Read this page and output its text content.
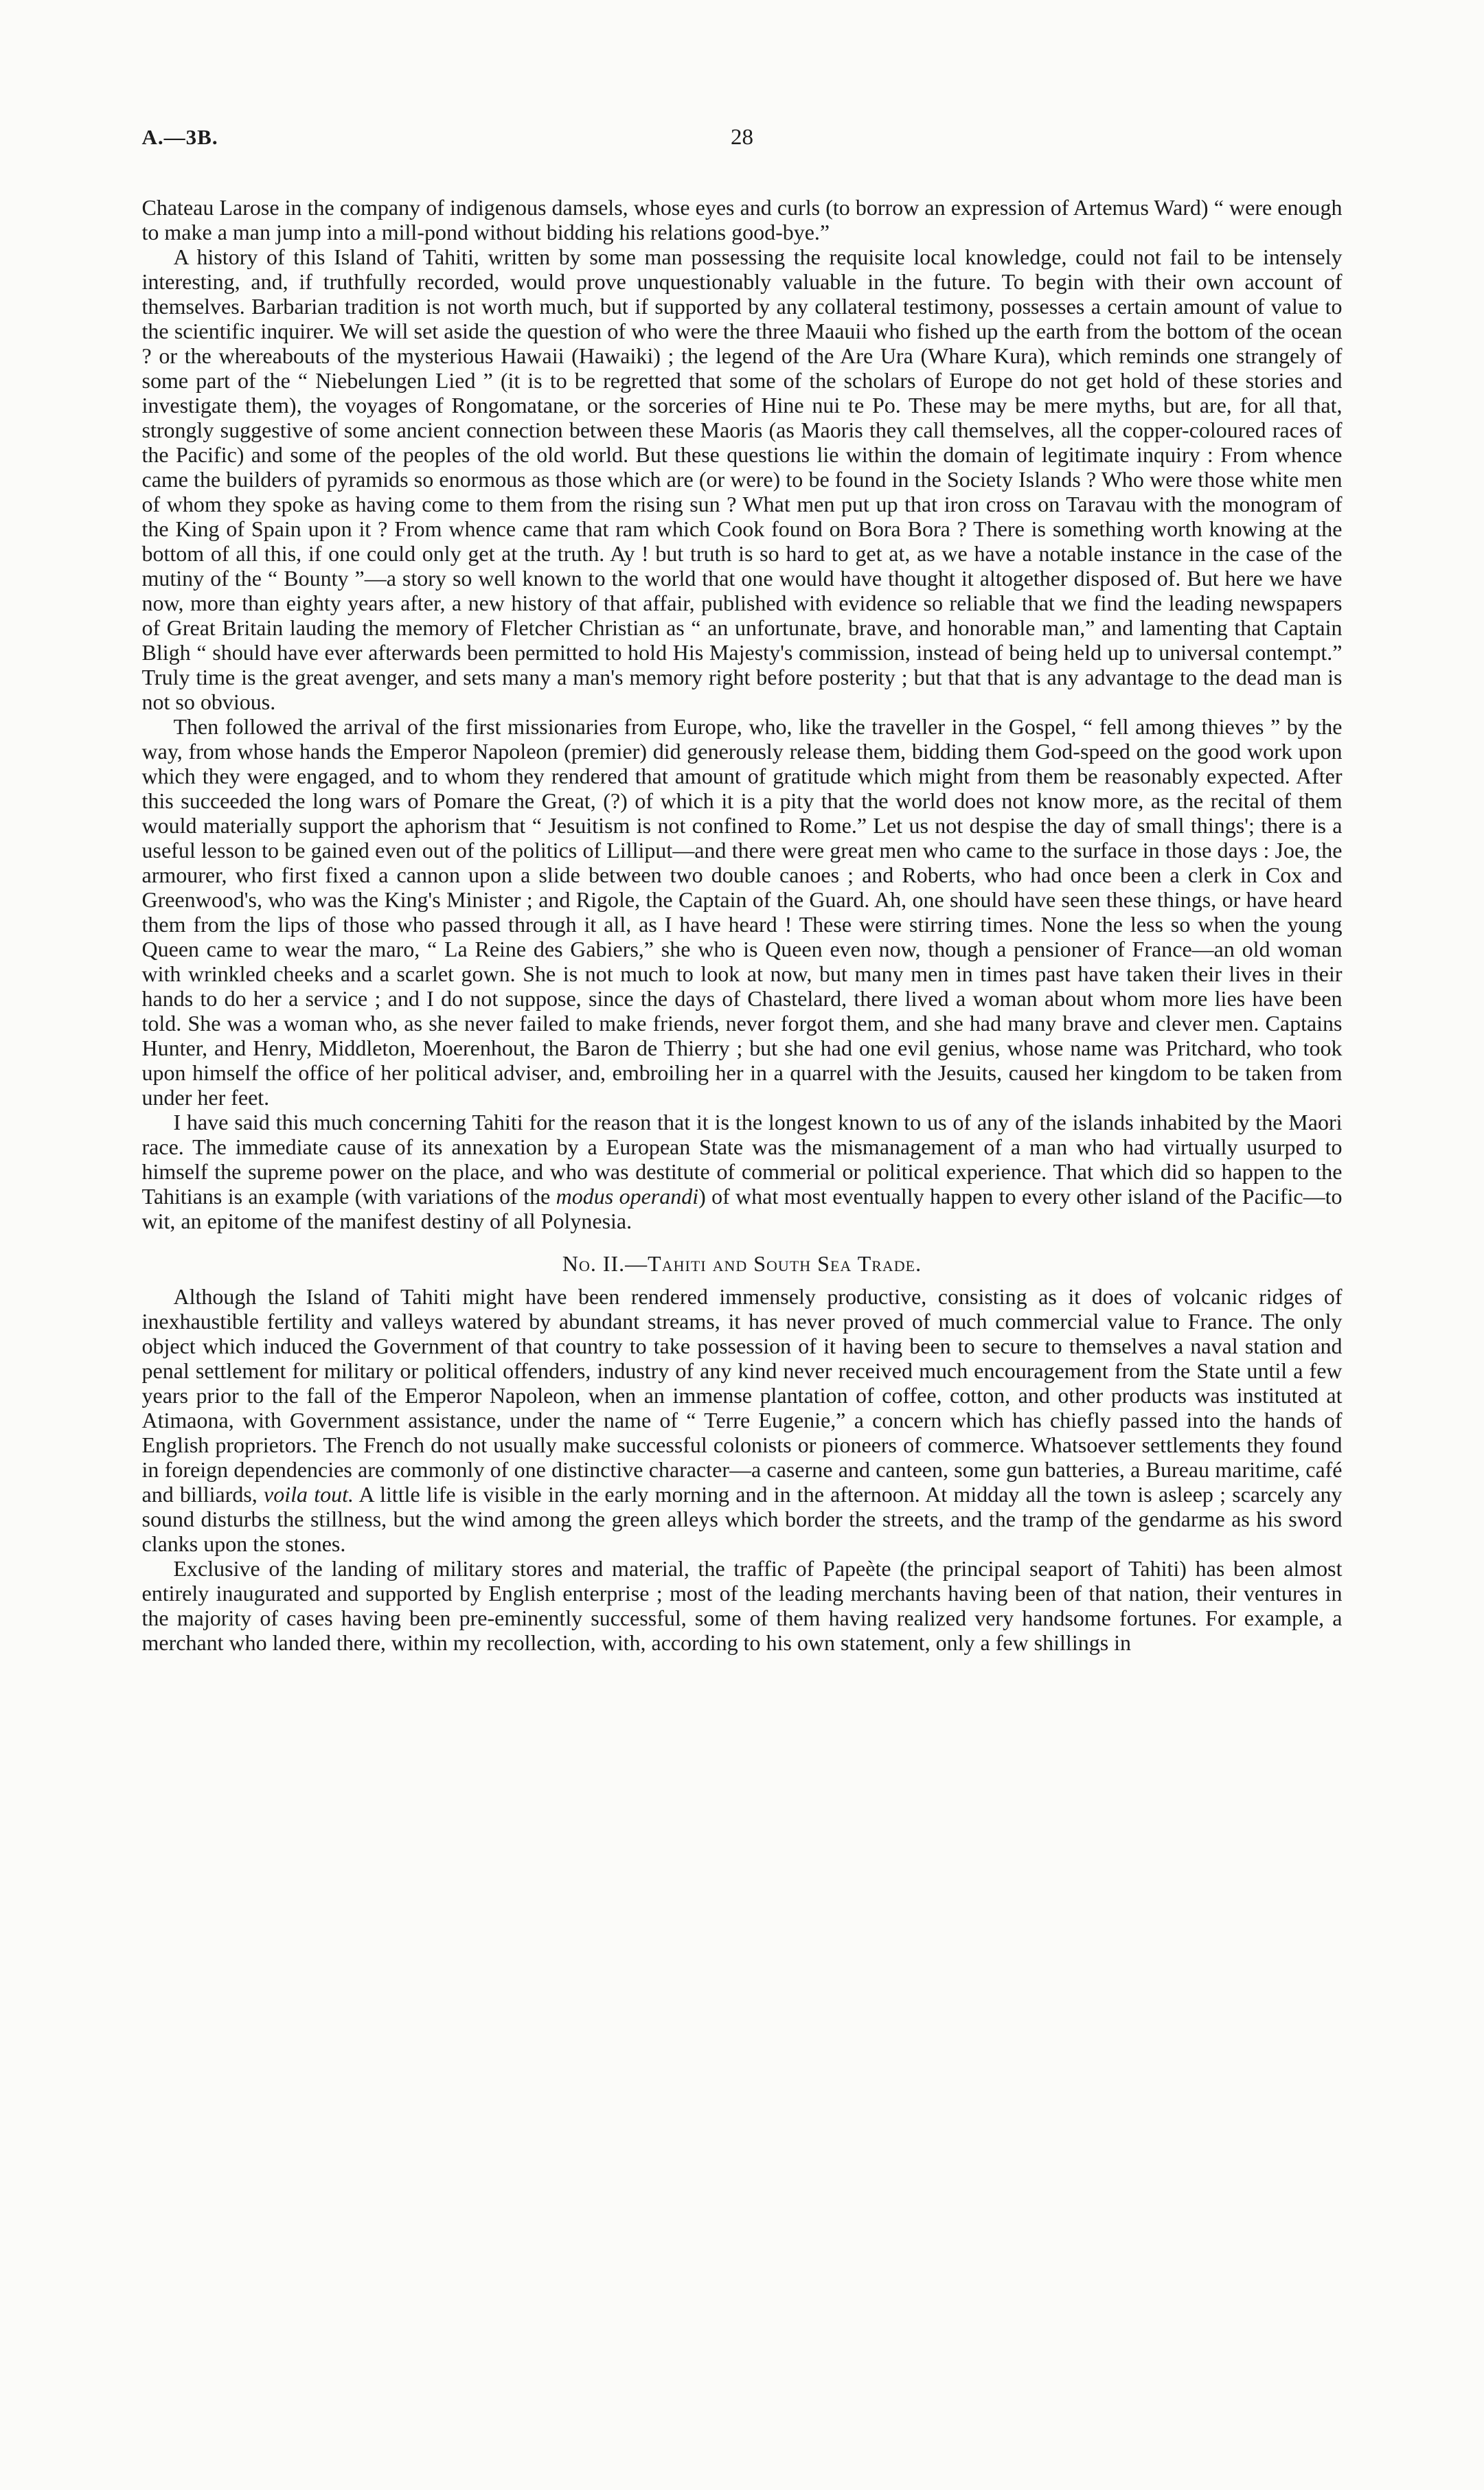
A.—3B.	28

Chateau Larose in the company of indigenous damsels, whose eyes and curls (to borrow an expression of Artemus Ward) “ were enough to make a man jump into a mill-pond without bidding his relations good-bye.”

A history of this Island of Tahiti, written by some man possessing the requisite local knowledge, could not fail to be intensely interesting, and, if truthfully recorded, would prove unquestionably valuable in the future. To begin with their own account of themselves. Barbarian tradition is not worth much, but if supported by any collateral testimony, possesses a certain amount of value to the scientific inquirer. We will set aside the question of who were the three Maauii who fished up the earth from the bottom of the ocean ? or the whereabouts of the mysterious Hawaii (Hawaiki) ; the legend of the Are Ura (Whare Kura), which reminds one strangely of some part of the “ Niebelungen Lied ” (it is to be regretted that some of the scholars of Europe do not get hold of these stories and investigate them), the voyages of Rongomatane, or the sorceries of Hine nui te Po. These may be mere myths, but are, for all that, strongly suggestive of some ancient connection between these Maoris (as Maoris they call themselves, all the copper-coloured races of the Pacific) and some of the peoples of the old world. But these questions lie within the domain of legitimate inquiry : From whence came the builders of pyramids so enormous as those which are (or were) to be found in the Society Islands ? Who were those white men of whom they spoke as having come to them from the rising sun ? What men put up that iron cross on Taravau with the monogram of the King of Spain upon it ? From whence came that ram which Cook found on Bora Bora ? There is something worth knowing at the bottom of all this, if one could only get at the truth. Ay ! but truth is so hard to get at, as we have a notable instance in the case of the mutiny of the “ Bounty ”—a story so well known to the world that one would have thought it altogether disposed of. But here we have now, more than eighty years after, a new history of that affair, published with evidence so reliable that we find the leading newspapers of Great Britain lauding the memory of Fletcher Christian as “ an unfortunate, brave, and honorable man,” and lamenting that Captain Bligh “ should have ever afterwards been permitted to hold His Majesty's commission, instead of being held up to universal contempt.” Truly time is the great avenger, and sets many a man's memory right before posterity ; but that that is any advantage to the dead man is not so obvious.

Then followed the arrival of the first missionaries from Europe, who, like the traveller in the Gospel, “ fell among thieves ” by the way, from whose hands the Emperor Napoleon (premier) did generously release them, bidding them God-speed on the good work upon which they were engaged, and to whom they rendered that amount of gratitude which might from them be reasonably expected. After this succeeded the long wars of Pomare the Great, (?) of which it is a pity that the world does not know more, as the recital of them would materially support the aphorism that “ Jesuitism is not confined to Rome.” Let us not despise the day of small things'; there is a useful lesson to be gained even out of the politics of Lilliput—and there were great men who came to the surface in those days : Joe, the armourer, who first fixed a cannon upon a slide between two double canoes ; and Roberts, who had once been a clerk in Cox and Greenwood's, who was the King's Minister ; and Rigole, the Captain of the Guard. Ah, one should have seen these things, or have heard them from the lips of those who passed through it all, as I have heard ! These were stirring times. None the less so when the young Queen came to wear the maro, “ La Reine des Gabiers,” she who is Queen even now, though a pensioner of France—an old woman with wrinkled cheeks and a scarlet gown. She is not much to look at now, but many men in times past have taken their lives in their hands to do her a service ; and I do not suppose, since the days of Chastelard, there lived a woman about whom more lies have been told. She was a woman who, as she never failed to make friends, never forgot them, and she had many brave and clever men. Captains Hunter, and Henry, Middleton, Moerenhout, the Baron de Thierry ; but she had one evil genius, whose name was Pritchard, who took upon himself the office of her political adviser, and, embroiling her in a quarrel with the Jesuits, caused her kingdom to be taken from under her feet.

I have said this much concerning Tahiti for the reason that it is the longest known to us of any of the islands inhabited by the Maori race. The immediate cause of its annexation by a European State was the mismanagement of a man who had virtually usurped to himself the supreme power on the place, and who was destitute of commerial or political experience. That which did so happen to the Tahitians is an example (with variations of the modus operandi) of what most eventually happen to every other island of the Pacific—to wit, an epitome of the manifest destiny of all Polynesia.

No. II.—Tahiti and South Sea Trade.

Although the Island of Tahiti might have been rendered immensely productive, consisting as it does of volcanic ridges of inexhaustible fertility and valleys watered by abundant streams, it has never proved of much commercial value to France. The only object which induced the Government of that country to take possession of it having been to secure to themselves a naval station and penal settlement for military or political offenders, industry of any kind never received much encouragement from the State until a few years prior to the fall of the Emperor Napoleon, when an immense plantation of coffee, cotton, and other products was instituted at Atimaona, with Government assistance, under the name of “ Terre Eugenie,” a concern which has chiefly passed into the hands of English proprietors. The French do not usually make successful colonists or pioneers of commerce. Whatsoever settlements they found in foreign dependencies are commonly of one distinctive character—a caserne and canteen, some gun batteries, a Bureau maritime, café and billiards, voila tout. A little life is visible in the early morning and in the afternoon. At midday all the town is asleep ; scarcely any sound disturbs the stillness, but the wind among the green alleys which border the streets, and the tramp of the gendarme as his sword clanks upon the stones.

Exclusive of the landing of military stores and material, the traffic of Papeète (the principal seaport of Tahiti) has been almost entirely inaugurated and supported by English enterprise ; most of the leading merchants having been of that nation, their ventures in the majority of cases having been pre-eminently successful, some of them having realized very handsome fortunes. For example, a merchant who landed there, within my recollection, with, according to his own statement, only a few shillings in
